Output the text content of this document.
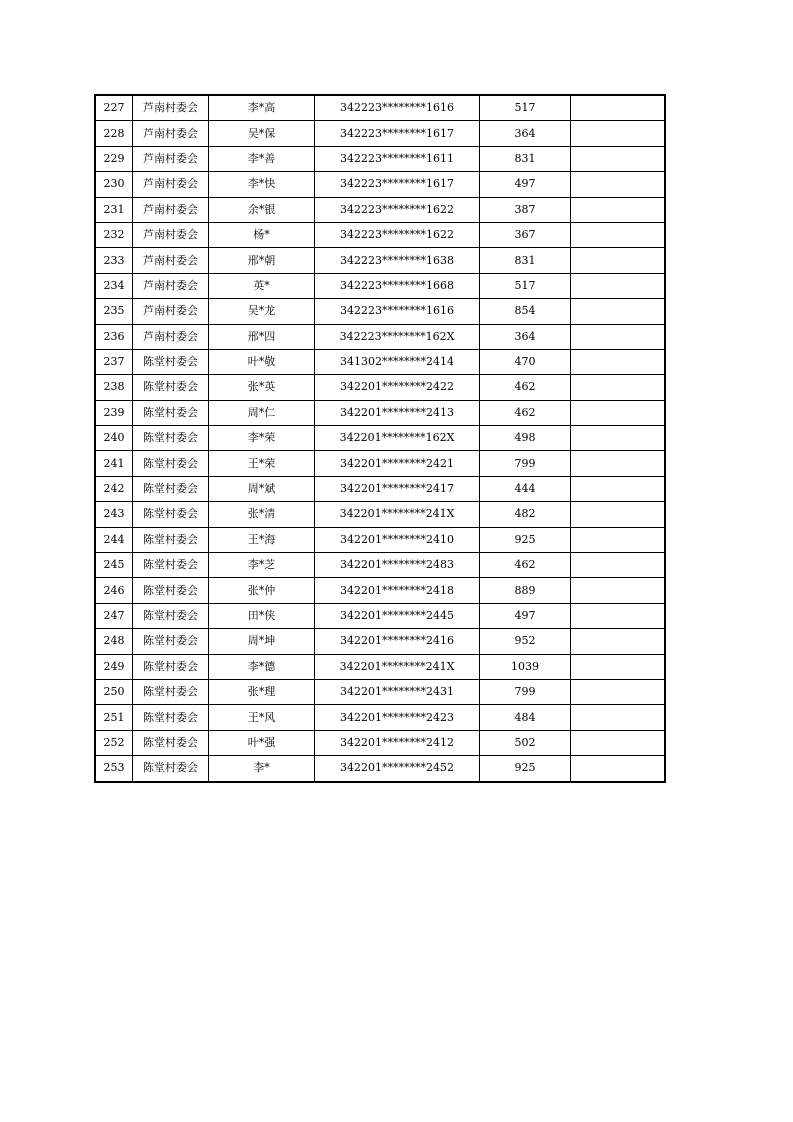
227	芦南村委会	李*高	342223********1616	517	
228	芦南村委会	吴*保	342223********1617	364	
229	芦南村委会	李*善	342223********1611	831	
230	芦南村委会	李*快	342223********1617	497	
231	芦南村委会	余*银	342223********1622	387	
232	芦南村委会	杨*	342223********1622	367	
233	芦南村委会	邢*朝	342223********1638	831	
234	芦南村委会	英*	342223********1668	517	
235	芦南村委会	吴*龙	342223********1616	854	
236	芦南村委会	邢*四	342223********162X	364	
237	陈堂村委会	叶*敬	341302********2414	470	
238	陈堂村委会	张*英	342201********2422	462	
239	陈堂村委会	周*仁	342201********2413	462	
240	陈堂村委会	李*荣	342201********162X	498	
241	陈堂村委会	王*荣	342201********2421	799	
242	陈堂村委会	周*斌	342201********2417	444	
243	陈堂村委会	张*清	342201********241X	482	
244	陈堂村委会	王*海	342201********2410	925	
245	陈堂村委会	李*芝	342201********2483	462	
246	陈堂村委会	张*仲	342201********2418	889	
247	陈堂村委会	田*侠	342201********2445	497	
248	陈堂村委会	周*坤	342201********2416	952	
249	陈堂村委会	李*德	342201********241X	1039	
250	陈堂村委会	张*理	342201********2431	799	
251	陈堂村委会	王*风	342201********2423	484	
252	陈堂村委会	叶*强	342201********2412	502	
253	陈堂村委会	李*	342201********2452	925	
